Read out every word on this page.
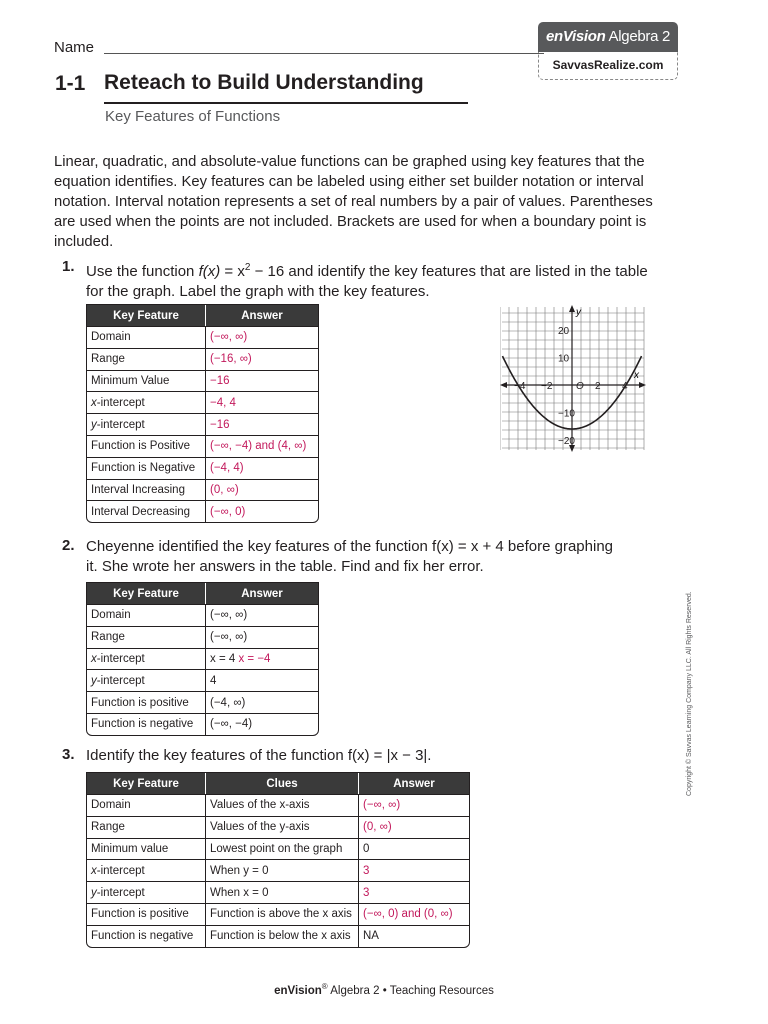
Name
enVision Algebra 2
SavvasRealize.com
1-1 Reteach to Build Understanding
Key Features of Functions
Linear, quadratic, and absolute-value functions can be graphed using key features that the equation identifies. Key features can be labeled using either set builder notation or interval notation. Interval notation represents a set of real numbers by a pair of values. Parentheses are used when the points are not included. Brackets are used for when a boundary point is included.
1. Use the function $f(x) = x^2 - 16$ and identify the key features that are listed in the table for the graph. Label the graph with the key features.
Key Feature	Answer
Domain	(−∞, ∞)
Range	(−16, ∞)
Minimum Value	−16
x-intercept	−4, 4
y-intercept	−16
Function is Positive	(−∞, −4) and (4, ∞)
Function is Negative	(−4, 4)
Interval Increasing	(0, ∞)
Interval Decreasing	(−∞, 0)
y
x
−4 −2 O 2 4
20
10
−10
−20
2. Cheyenne identified the key features of the function f(x) = x + 4 before graphing it. She wrote her answers in the table. Find and fix her error.
Key Feature	Answer
Domain	(−∞, ∞)
Range	(−∞, ∞)
x-intercept	x = 4 x = −4
y-intercept	4
Function is positive	(−4, ∞)
Function is negative	(−∞, −4)
3. Identify the key features of the function f(x) = |x − 3|.
Key Feature	Clues	Answer
Domain	Values of the x-axis	(−∞, ∞)
Range	Values of the y-axis	(0, ∞)
Minimum value	Lowest point on the graph	0
x-intercept	When y = 0	3
y-intercept	When x = 0	3
Function is positive	Function is above the x axis	(−∞, 0) and (0, ∞)
Function is negative	Function is below the x axis	NA
Copyright © Savvas Learning Company LLC. All Rights Reserved.
enVision® Algebra 2 • Teaching Resources
